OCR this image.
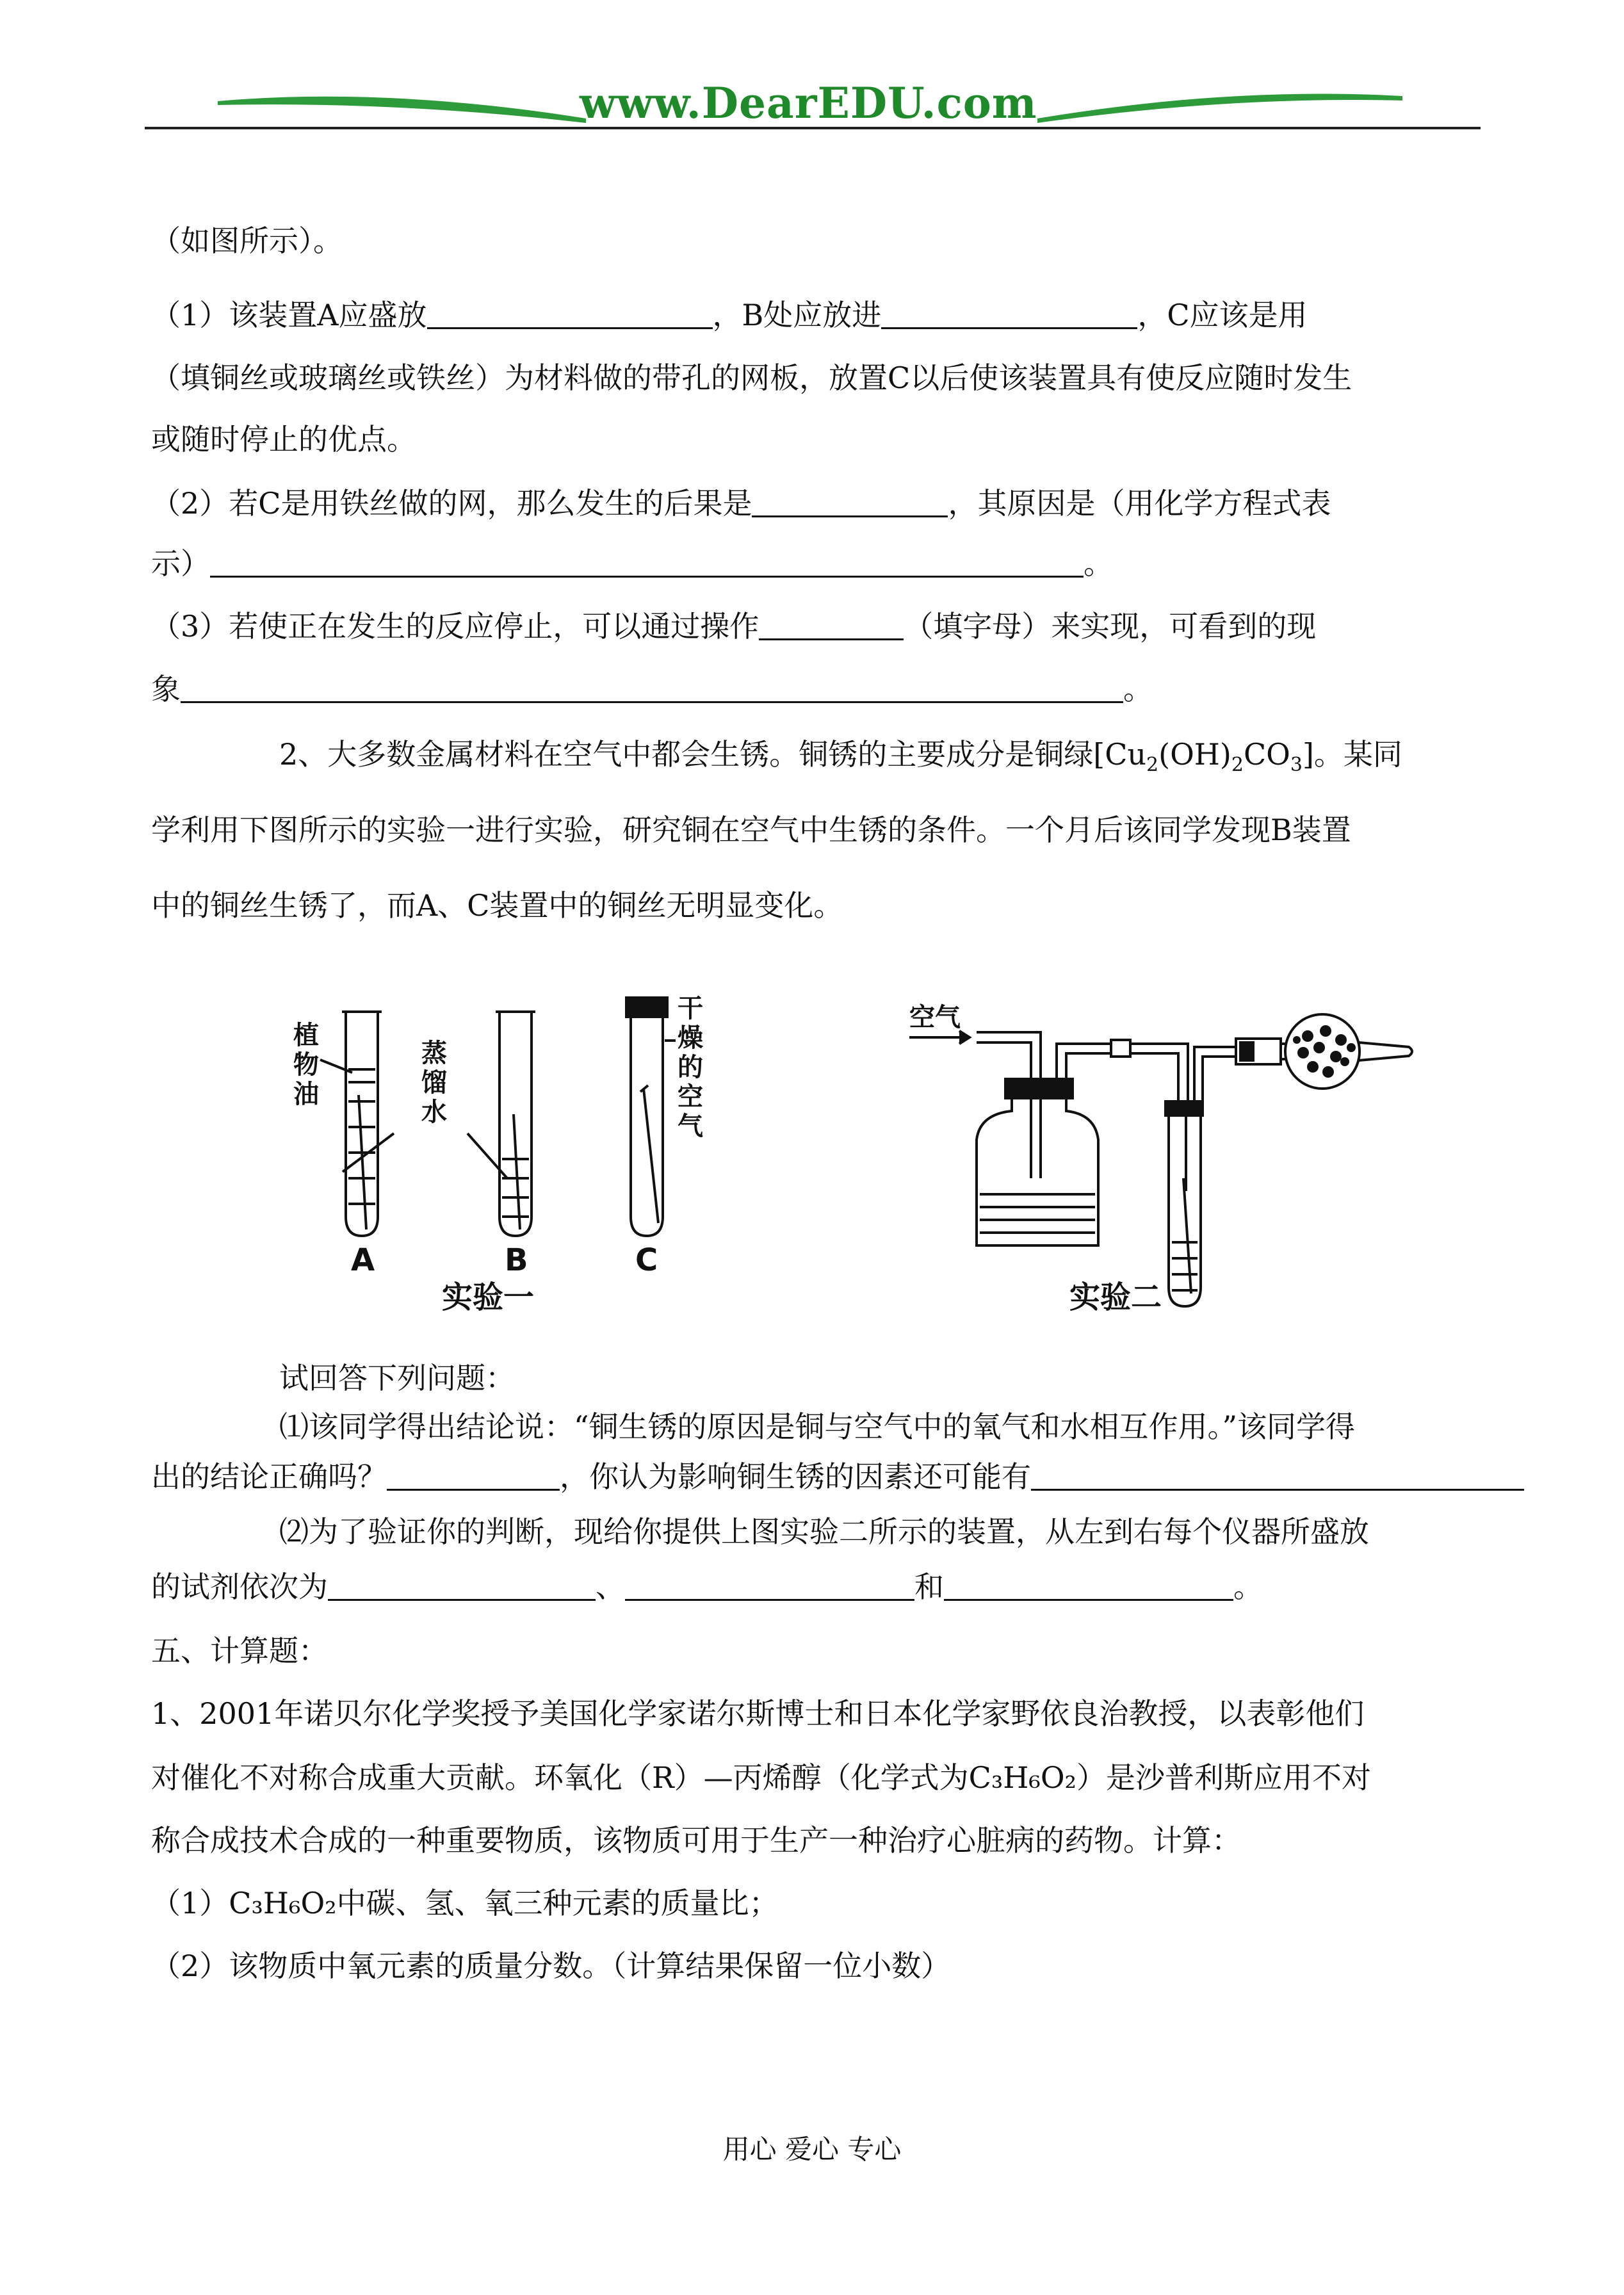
www.DearEDU.com
（如图所示）。
（1）该装置A应盛放	，B处应放进	，C应该是用
（填铜丝或玻璃丝或铁丝）为材料做的带孔的网板，放置C以后使该装置具有使反应随时发生
或随时停止的优点。
（2）若C是用铁丝做的网，那么发生的后果是	，其原因是（用化学方程式表
示）	。
（3）若使正在发生的反应停止，可以通过操作	（填字母）来实现，可看到的现
象	。
2、大多数金属材料在空气中都会生锈。铜锈的主要成分是铜绿$[Cu_2(OH)_2CO_3]$。某同
学利用下图所示的实验一进行实验，研究铜在空气中生锈的条件。一个月后该同学发现B装置
中的铜丝生锈了，而A、C装置中的铜丝无明显变化。
植
物
油
蒸
馏
水
干
燥
的
空
气
A	B	C
实验一
空气
实验二
试回答下列问题：
⑴该同学得出结论说：“铜生锈的原因是铜与空气中的氧气和水相互作用。”该同学得
出的结论正确吗？	，你认为影响铜生锈的因素还可能有
⑵为了验证你的判断，现给你提供上图实验二所示的装置，从左到右每个仪器所盛放
的试剂依次为	、	和	。
五、计算题：
1、2001年诺贝尔化学奖授予美国化学家诺尔斯博士和日本化学家野依良治教授，以表彰他们
对催化不对称合成重大贡献。环氧化（R）—丙烯醇（化学式为C₃H₆O₂）是沙普利斯应用不对
称合成技术合成的一种重要物质，该物质可用于生产一种治疗心脏病的药物。计算：
（1）C₃H₆O₂中碳、氢、氧三种元素的质量比；
（2）该物质中氧元素的质量分数。（计算结果保留一位小数）
用心 爱心 专心
